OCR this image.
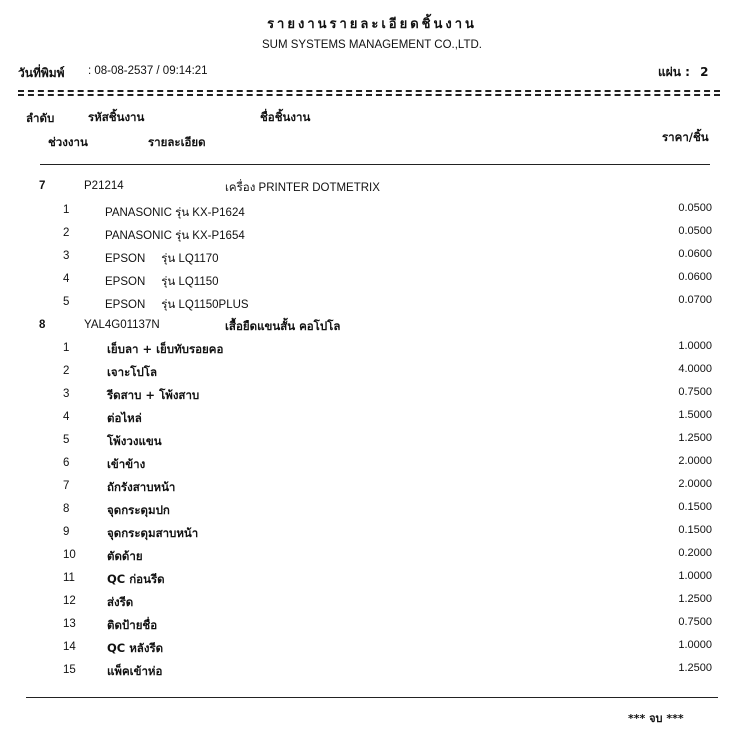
รายงานรายละเอียดชิ้นงาน
SUM SYSTEMS MANAGEMENT CO.,LTD.
วันที่พิมพ์ : 08-08-2537 / 09:14:21	แผ่น : 2
ลำดับ	รหัสชิ้นงาน	ชื่อชิ้นงาน
ช่วงงาน	รายละเอียด	ราคา/ชิ้น
7	P21214	เครื่อง PRINTER DOTMETRIX
1	PANASONIC รุ่น KX-P1624	0.0500
2	PANASONIC รุ่น KX-P1654	0.0500
3	EPSON     รุ่น LQ1170	0.0600
4	EPSON     รุ่น LQ1150	0.0600
5	EPSON     รุ่น LQ1150PLUS	0.0700
8	YAL4G01137N	เสื้อยืดแขนสั้น คอโปโล
1	เย็บลา + เย็บทับรอยคอ	1.0000
2	เจาะโปโล	4.0000
3	รีดสาบ + โพ้งสาบ	0.7500
4	ต่อไหล่	1.5000
5	โพ้งวงแขน	1.2500
6	เข้าข้าง	2.0000
7	ถักรังสาบหน้า	2.0000
8	จุดกระดุมปก	0.1500
9	จุดกระดุมสาบหน้า	0.1500
10	ตัดด้าย	0.2000
11	QC ก่อนรีด	1.0000
12	ส่งรีด	1.2500
13	ติดป้ายชื่อ	0.7500
14	QC หลังรีด	1.0000
15	แพ็คเข้าห่อ	1.2500
*** จบ ***
